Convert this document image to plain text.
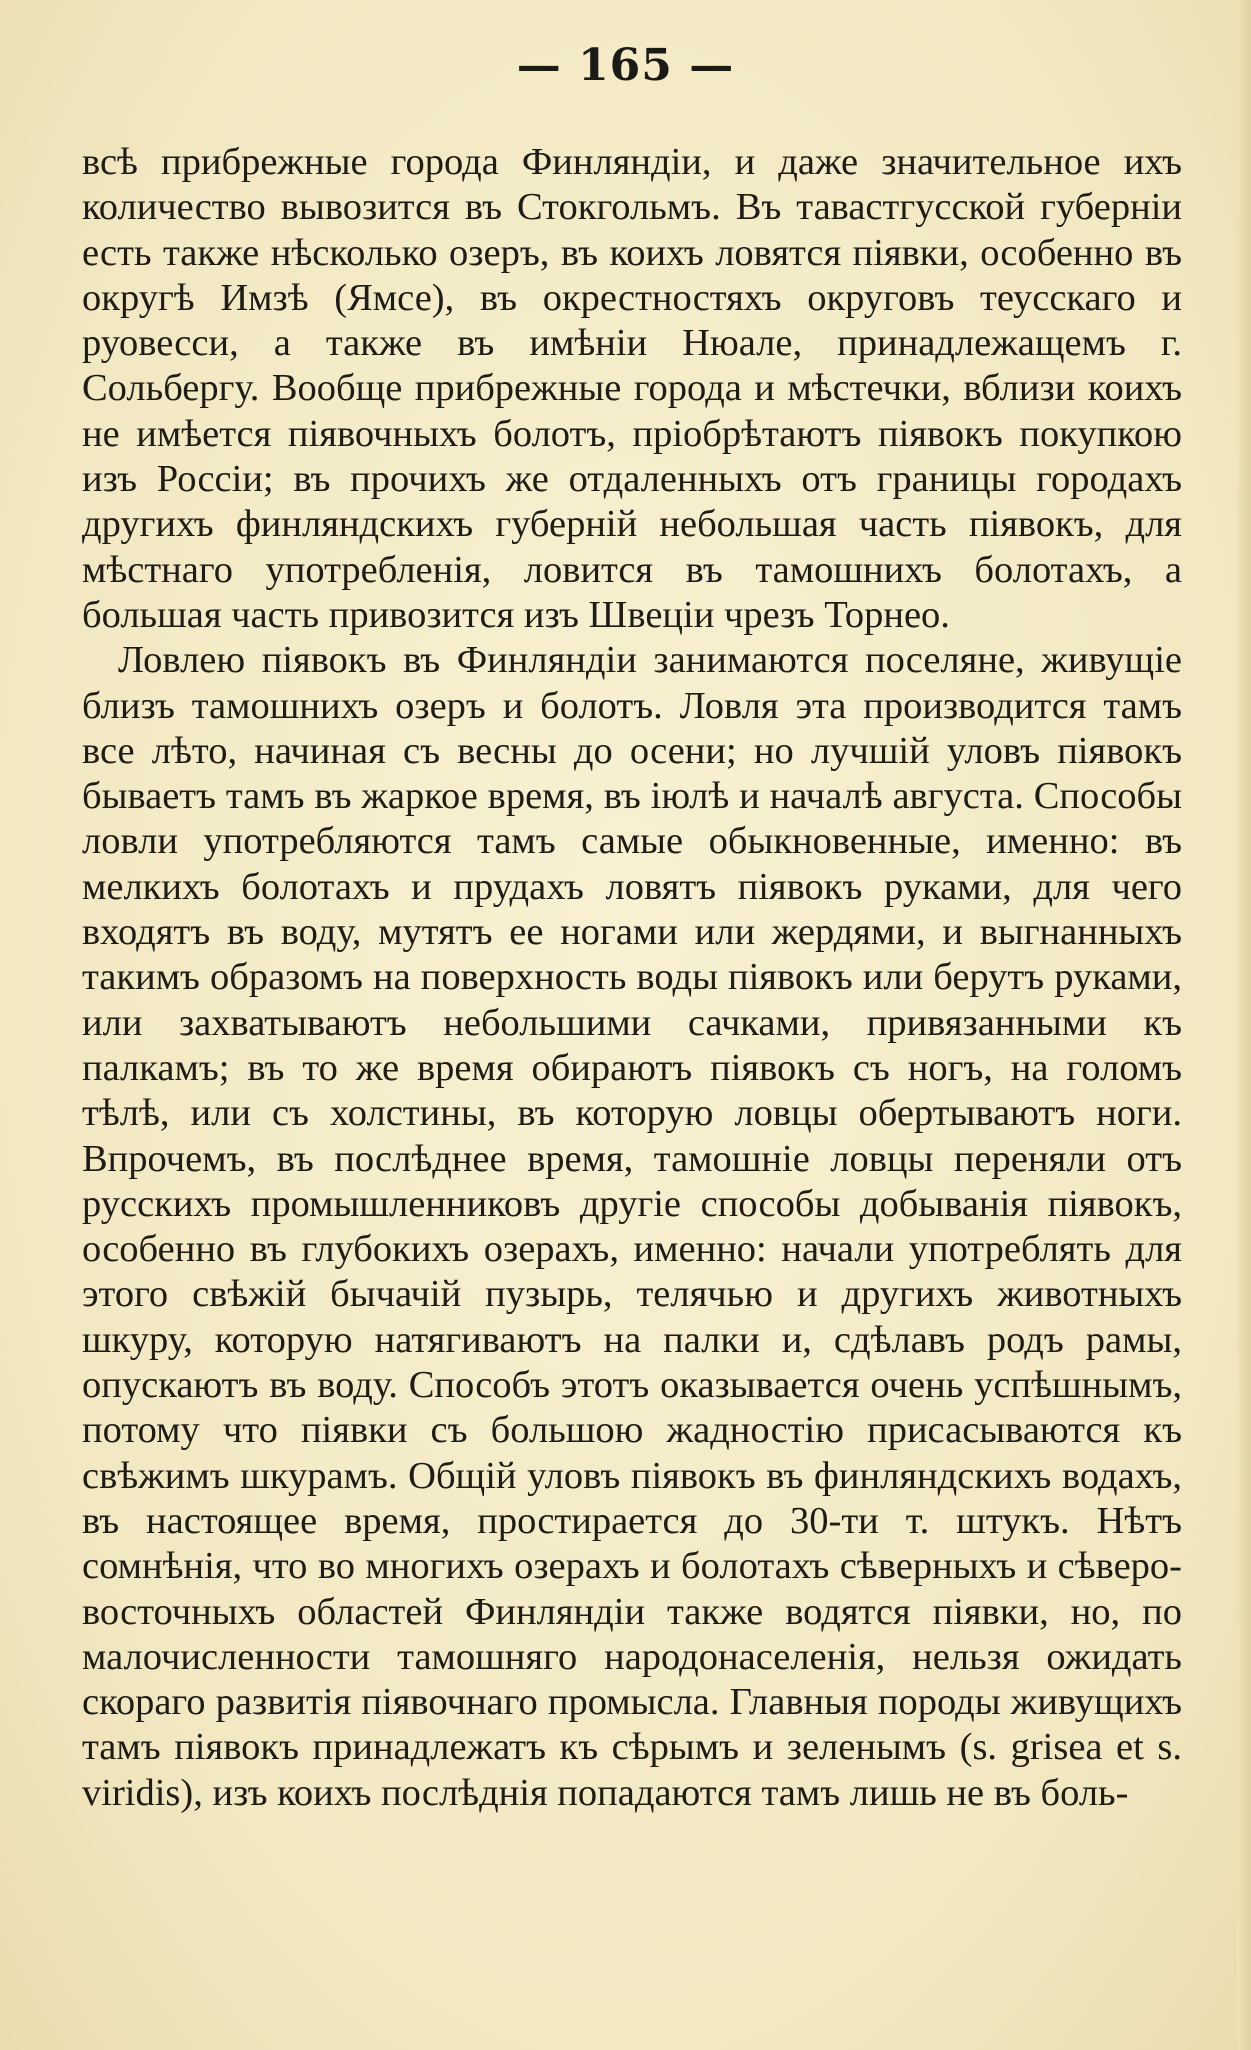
— 165 —

всѣ прибрежные города Финляндіи, и даже значительное ихъ количество вывозится въ Стокгольмъ. Въ тавастгусской губерніи есть также нѣсколько озеръ, въ коихъ ловятся піявки, особенно въ округѣ Имзѣ (Ямсе), въ окрестностяхъ округовъ теусскаго и руовесси, а также въ имѣніи Нюале, принадлежащемъ г. Сольбергу. Вообще прибрежные города и мѣстечки, вблизи коихъ не имѣется піявочныхъ болотъ, пріобрѣтаютъ піявокъ покупкою изъ Россіи; въ прочихъ же отдаленныхъ отъ границы городахъ другихъ финляндскихъ губерній небольшая часть піявокъ, для мѣстнаго употребленія, ловится въ тамошнихъ болотахъ, а большая часть привозится изъ Швеціи чрезъ Торнео.

Ловлею піявокъ въ Финляндіи занимаются поселяне, живущіе близъ тамошнихъ озеръ и болотъ. Ловля эта производится тамъ все лѣто, начиная съ весны до осени; но лучшій уловъ піявокъ бываетъ тамъ въ жаркое время, въ іюлѣ и началѣ августа. Способы ловли употребляются тамъ самые обыкновенные, именно: въ мелкихъ болотахъ и прудахъ ловятъ піявокъ руками, для чего входятъ въ воду, мутятъ ее ногами или жердями, и выгнанныхъ такимъ образомъ на поверхность воды піявокъ или берутъ руками, или захватываютъ небольшими сачками, привязанными къ палкамъ; въ то же время обираютъ піявокъ съ ногъ, на голомъ тѣлѣ, или съ холстины, въ которую ловцы обертываютъ ноги. Впрочемъ, въ послѣднее время, тамошніе ловцы переняли отъ русскихъ промышленниковъ другіе способы добыванія піявокъ, особенно въ глубокихъ озерахъ, именно: начали употреблять для этого свѣжій бычачій пузырь, телячью и другихъ животныхъ шкуру, которую натягиваютъ на палки и, сдѣлавъ родъ рамы, опускаютъ въ воду. Способъ этотъ оказывается очень успѣшнымъ, потому что піявки съ большою жадностію присасываются къ свѣжимъ шкурамъ. Общій уловъ піявокъ въ финляндскихъ водахъ, въ настоящее время, простирается до 30-ти т. штукъ. Нѣтъ сомнѣнія, что во многихъ озерахъ и болотахъ сѣверныхъ и сѣверо-восточныхъ областей Финляндіи также водятся піявки, но, по малочисленности тамошняго народонаселенія, нельзя ожидать скораго развитія піявочнаго промысла. Главныя породы живущихъ тамъ піявокъ принадлежатъ къ сѣрымъ и зеленымъ (s. grisea et s. viridis), изъ коихъ послѣднія попадаются тамъ лишь не въ боль-
